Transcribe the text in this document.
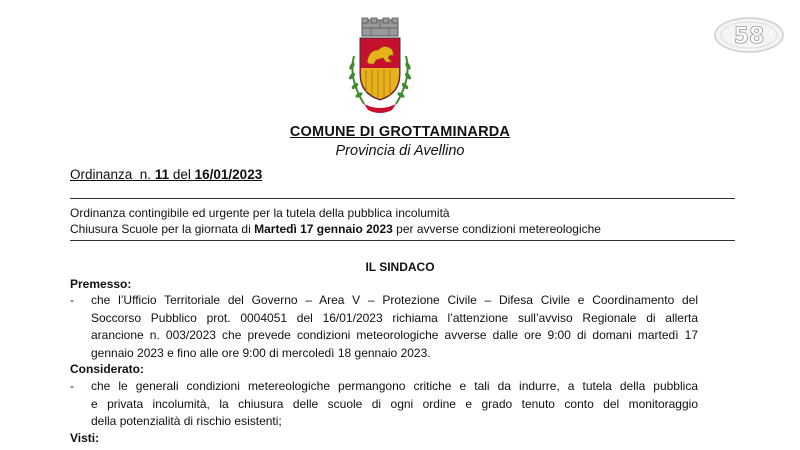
58
COMUNE DI GROTTAMINARDA
Provincia di Avellino
Ordinanza  n. 11 del 16/01/2023
Ordinanza contingibile ed urgente per la tutela della pubblica incolumità
Chiusura Scuole per la giornata di Martedì 17 gennaio 2023 per avverse condizioni metereologiche
IL SINDACO
Premesso:
- che l’Ufficio Territoriale del Governo – Area V – Protezione Civile – Difesa Civile e Coordinamento del
Soccorso Pubblico prot. 0004051 del 16/01/2023 richiama l’attenzione sull’avviso Regionale di allerta
arancione n. 003/2023 che prevede condizioni meteorologiche avverse dalle ore 9:00 di domani martedì 17
gennaio 2023 e fino alle ore 9:00 di mercoledì 18 gennaio 2023.
Considerato:
- che le generali condizioni metereologiche permangono critiche e tali da indurre, a tutela della pubblica
e privata incolumità, la chiusura delle scuole di ogni ordine e grado tenuto conto del monitoraggio
della potenzialità di rischio esistenti;
Visti:
